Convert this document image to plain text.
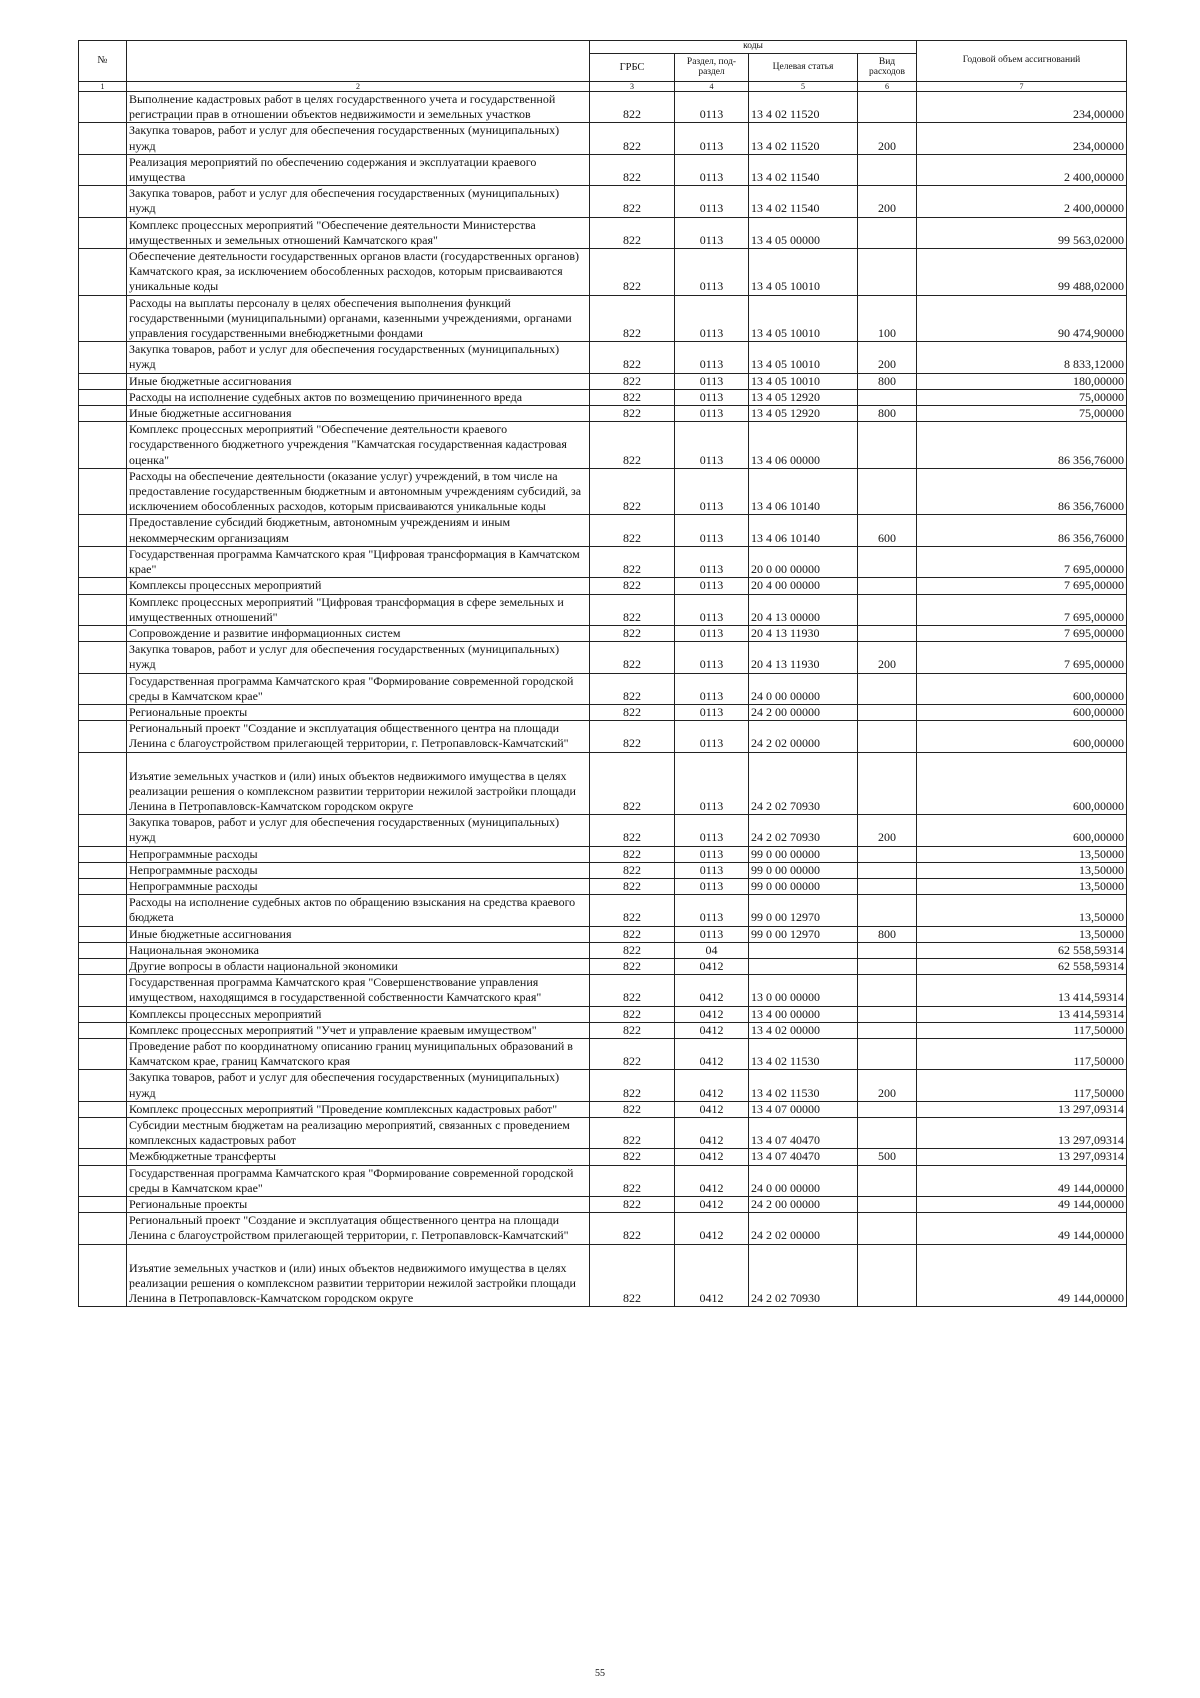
№		коды				Годовой объем ассигнований
		ГРБС	Раздел, под-раздел	Целевая статья	Вид расходов	
1	2	3	4	5	6	7
	Выполнение кадастровых работ в целях государственного учета и государственной регистрации прав в отношении объектов недвижимости и земельных участков	822	0113	13 4 02 11520		234,00000
	Закупка товаров, работ и услуг для обеспечения государственных (муниципальных) нужд	822	0113	13 4 02 11520	200	234,00000
	Реализация мероприятий по обеспечению содержания и эксплуатации краевого имущества	822	0113	13 4 02 11540		2 400,00000
	Закупка товаров, работ и услуг для обеспечения государственных (муниципальных) нужд	822	0113	13 4 02 11540	200	2 400,00000
	Комплекс процессных мероприятий "Обеспечение деятельности Министерства имущественных и земельных отношений Камчатского края"	822	0113	13 4 05 00000		99 563,02000
	Обеспечение деятельности государственных органов власти (государственных органов) Камчатского края, за исключением обособленных расходов, которым присваиваются уникальные коды	822	0113	13 4 05 10010		99 488,02000
	Расходы на выплаты персоналу в целях обеспечения выполнения функций государственными (муниципальными) органами, казенными учреждениями, органами управления государственными внебюджетными фондами	822	0113	13 4 05 10010	100	90 474,90000
	Закупка товаров, работ и услуг для обеспечения государственных (муниципальных) нужд	822	0113	13 4 05 10010	200	8 833,12000
	Иные бюджетные ассигнования	822	0113	13 4 05 10010	800	180,00000
	Расходы на исполнение судебных актов по возмещению причиненного вреда	822	0113	13 4 05 12920		75,00000
	Иные бюджетные ассигнования	822	0113	13 4 05 12920	800	75,00000
	Комплекс процессных мероприятий "Обеспечение деятельности краевого государственного бюджетного учреждения "Камчатская государственная кадастровая оценка"	822	0113	13 4 06 00000		86 356,76000
	Расходы на обеспечение деятельности (оказание услуг) учреждений, в том числе на предоставление государственным бюджетным и автономным учреждениям субсидий, за исключением обособленных расходов, которым присваиваются уникальные коды	822	0113	13 4 06 10140		86 356,76000
	Предоставление субсидий бюджетным, автономным учреждениям и иным некоммерческим организациям	822	0113	13 4 06 10140	600	86 356,76000
	Государственная программа Камчатского края "Цифровая трансформация в Камчатском крае"	822	0113	20 0 00 00000		7 695,00000
	Комплексы процессных мероприятий	822	0113	20 4 00 00000		7 695,00000
	Комплекс процессных мероприятий "Цифровая трансформация в сфере земельных и имущественных отношений"	822	0113	20 4 13 00000		7 695,00000
	Сопровождение и развитие информационных систем	822	0113	20 4 13 11930		7 695,00000
	Закупка товаров, работ и услуг для обеспечения государственных (муниципальных) нужд	822	0113	20 4 13 11930	200	7 695,00000
	Государственная программа Камчатского края "Формирование современной городской среды в Камчатском крае"	822	0113	24 0 00 00000		600,00000
	Региональные проекты	822	0113	24 2 00 00000		600,00000
	Региональный проект "Создание и эксплуатация общественного центра на площади Ленина с благоустройством прилегающей территории, г. Петропавловск-Камчатский"	822	0113	24 2 02 00000		600,00000
	Изъятие земельных участков и (или) иных объектов недвижимого имущества в целях реализации решения о комплексном развитии территории нежилой застройки площади Ленина в Петропавловск-Камчатском городском округе	822	0113	24 2 02 70930		600,00000
	Закупка товаров, работ и услуг для обеспечения государственных (муниципальных) нужд	822	0113	24 2 02 70930	200	600,00000
	Непрограммные расходы	822	0113	99 0 00 00000		13,50000
	Непрограммные расходы	822	0113	99 0 00 00000		13,50000
	Непрограммные расходы	822	0113	99 0 00 00000		13,50000
	Расходы на исполнение судебных актов по обращению взыскания на средства краевого бюджета	822	0113	99 0 00 12970		13,50000
	Иные бюджетные ассигнования	822	0113	99 0 00 12970	800	13,50000
	Национальная экономика	822	04			62 558,59314
	Другие вопросы в области национальной экономики	822	0412			62 558,59314
	Государственная программа Камчатского края "Совершенствование управления имуществом, находящимся в государственной собственности Камчатского края"	822	0412	13 0 00 00000		13 414,59314
	Комплексы процессных мероприятий	822	0412	13 4 00 00000		13 414,59314
	Комплекс процессных мероприятий "Учет и управление краевым имуществом"	822	0412	13 4 02 00000		117,50000
	Проведение работ по координатному описанию границ муниципальных образований в Камчатском крае, границ Камчатского края	822	0412	13 4 02 11530		117,50000
	Закупка товаров, работ и услуг для обеспечения государственных (муниципальных) нужд	822	0412	13 4 02 11530	200	117,50000
	Комплекс процессных мероприятий "Проведение комплексных кадастровых работ"	822	0412	13 4 07 00000		13 297,09314
	Субсидии местным бюджетам на реализацию мероприятий, связанных с проведением комплексных кадастровых работ	822	0412	13 4 07 40470		13 297,09314
	Межбюджетные трансферты	822	0412	13 4 07 40470	500	13 297,09314
	Государственная программа Камчатского края "Формирование современной городской среды в Камчатском крае"	822	0412	24 0 00 00000		49 144,00000
	Региональные проекты	822	0412	24 2 00 00000		49 144,00000
	Региональный проект "Создание и эксплуатация общественного центра на площади Ленина с благоустройством прилегающей территории, г. Петропавловск-Камчатский"	822	0412	24 2 02 00000		49 144,00000
	Изъятие земельных участков и (или) иных объектов недвижимого имущества в целях реализации решения о комплексном развитии территории нежилой застройки площади Ленина в Петропавловск-Камчатском городском округе	822	0412	24 2 02 70930		49 144,00000
55
